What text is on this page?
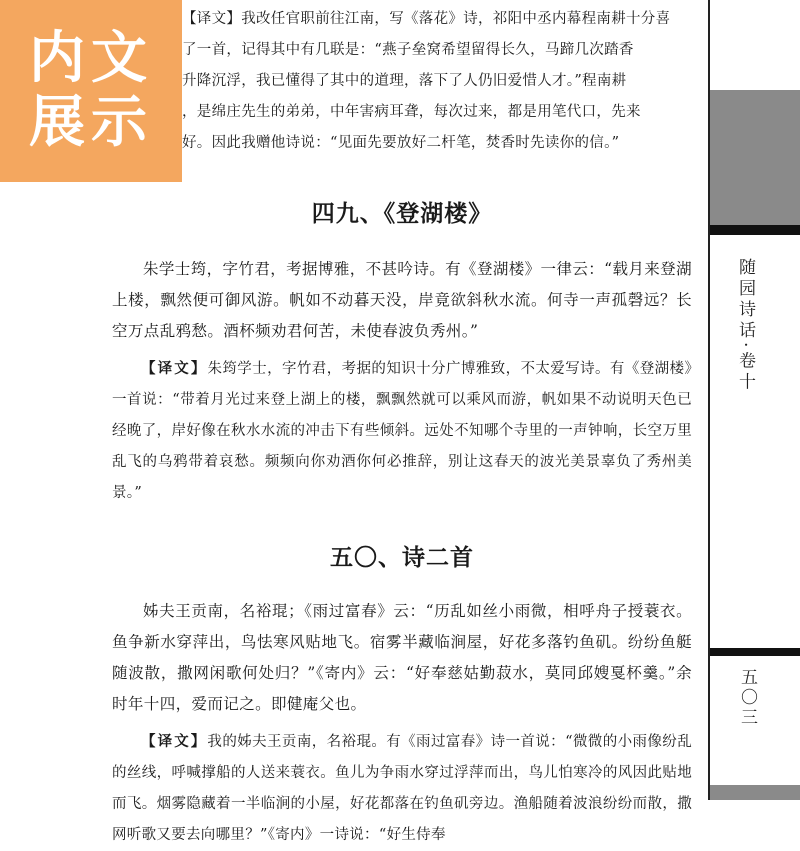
【译文】我改任官职前往江南，写《落花》诗，祁阳中丞内幕程南耕十分喜

了一首，记得其中有几联是：“燕子垒窝希望留得长久，马蹄几次踏香

升降沉浮，我已懂得了其中的道理，落下了人仍旧爱惜人才。”程南耕

，是绵庄先生的弟弟，中年害病耳聋，每次过来，都是用笔代口，先来

好。因此我赠他诗说：“见面先要放好二杆笔，焚香时先读你的信。”

四九、《登湖楼》

朱学士筠，字竹君，考据博雅，不甚吟诗。有《登湖楼》一律云：“载月来登湖上楼，飘然便可御风游。帆如不动暮天没，岸竟欲斜秋水流。何寺一声孤磬远？长空万点乱鸦愁。酒杯频劝君何苦，未使春波负秀州。”

【译文】朱筠学士，字竹君，考据的知识十分广博雅致，不太爱写诗。有《登湖楼》一首说：“带着月光过来登上湖上的楼，飘飘然就可以乘风而游，帆如果不动说明天色已经晚了，岸好像在秋水水流的冲击下有些倾斜。远处不知哪个寺里的一声钟响，长空万里乱飞的乌鸦带着哀愁。频频向你劝酒你何必推辞，别让这春天的波光美景辜负了秀州美景。”

五〇、诗二首

姊夫王贡南，名裕琨；《雨过富春》云：“历乱如丝小雨微，相呼舟子授蓑衣。鱼争新水穿萍出，鸟怯寒风贴地飞。宿雾半藏临涧屋，好花多落钓鱼矶。纷纷鱼艇随波散，撒网闲歌何处归？”《寄内》云：“好奉慈姑勤菽水，莫同邱嫂戛杯羹。”余时年十四，爱而记之。即健庵父也。

【译文】我的姊夫王贡南，名裕琨。有《雨过富春》诗一首说：“微微的小雨像纷乱的丝线，呼喊撑船的人送来蓑衣。鱼儿为争雨水穿过浮萍而出，鸟儿怕寒冷的风因此贴地而飞。烟雾隐藏着一半临涧的小屋，好花都落在钓鱼矶旁边。渔船随着波浪纷纷而散，撒网听歌又要去向哪里？”《寄内》一诗说：“好生侍奉

内文
展示
随园诗话·卷十
五〇三
